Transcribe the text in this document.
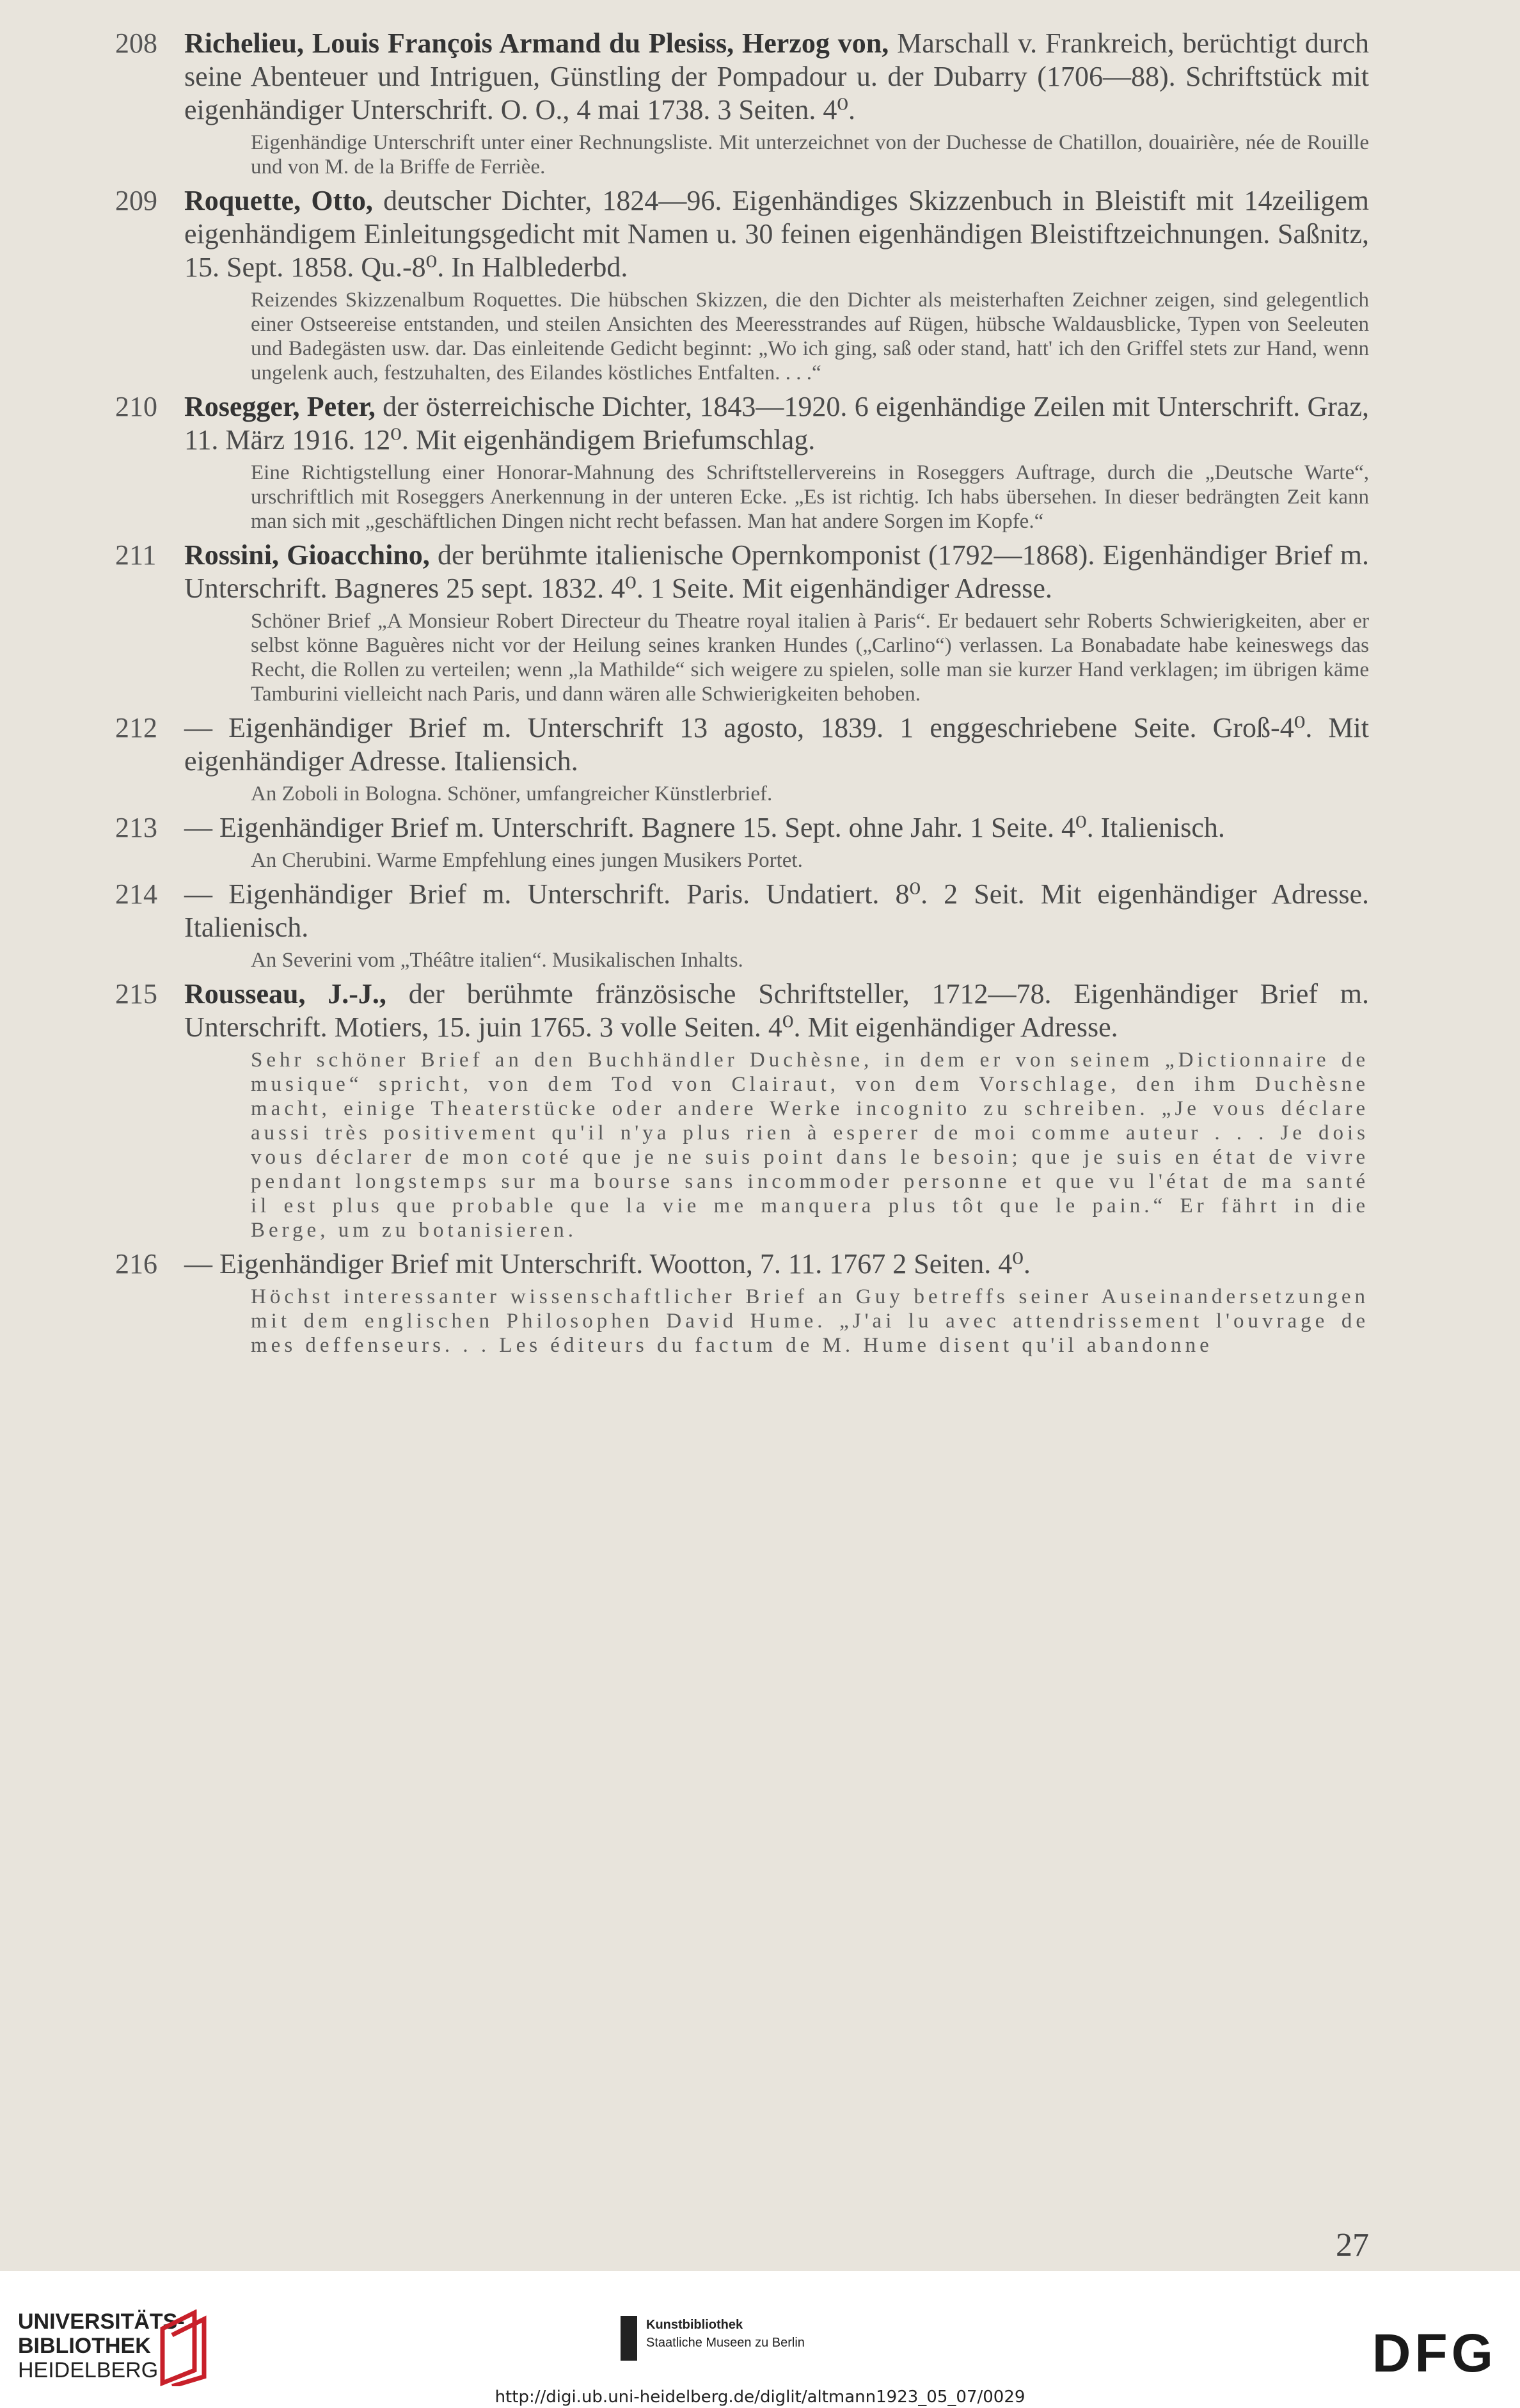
208 Richelieu, Louis François Armand du Plesiss, Herzog von, Marschall v. Frankreich, berüchtigt durch seine Abenteuer und Intriguen, Günstling der Pompadour u. der Dubarry (1706—88). Schriftstück mit eigenhändiger Unterschrift. O. O., 4 mai 1738. 3 Seiten. 4⁰.
Eigenhändige Unterschrift unter einer Rechnungsliste. Mit unterzeichnet von der Duchesse de Chatillon, douairière, née de Rouille und von M. de la Briffe de Ferrièe.
209 Roquette, Otto, deutscher Dichter, 1824—96. Eigenhändiges Skizzenbuch in Bleistift mit 14zeiligem eigenhändigem Einleitungsgedicht mit Namen u. 30 feinen eigenhändigen Bleistiftzeichnungen. Saßnitz, 15. Sept. 1858. Qu.-8⁰. In Halblederbd.
Reizendes Skizzenalbum Roquettes. Die hübschen Skizzen, die den Dichter als meisterhaften Zeichner zeigen, sind gelegentlich einer Ostseereise entstanden, und steilen Ansichten des Meeresstrandes auf Rügen, hübsche Waldausblicke, Typen von Seeleuten und Badegästen usw. dar. Das einleitende Gedicht beginnt: „Wo ich ging, saß oder stand, hatt' ich den Griffel stets zur Hand, wenn ungelenk auch, festzuhalten, des Eilandes köstliches Entfalten. . . .“
210 Rosegger, Peter, der österreichische Dichter, 1843—1920. 6 eigenhändige Zeilen mit Unterschrift. Graz, 11. März 1916. 12⁰. Mit eigenhändigem Briefumschlag.
Eine Richtigstellung einer Honorar-Mahnung des Schriftstellervereins in Roseggers Auftrage, durch die „Deutsche Warte“, urschriftlich mit Roseggers Anerkennung in der unteren Ecke. „Es ist richtig. Ich habs übersehen. In dieser bedrängten Zeit kann man sich mit „geschäftlichen Dingen nicht recht befassen. Man hat andere Sorgen im Kopfe.“
211 Rossini, Gioacchino, der berühmte italienische Opernkomponist (1792—1868). Eigenhändiger Brief m. Unterschrift. Bagneres 25 sept. 1832. 4⁰. 1 Seite. Mit eigenhändiger Adresse.
Schöner Brief „A Monsieur Robert Directeur du Theatre royal italien à Paris“. Er bedauert sehr Roberts Schwierigkeiten, aber er selbst könne Baguères nicht vor der Heilung seines kranken Hundes („Carlino“) verlassen. La Bonabadate habe keineswegs das Recht, die Rollen zu verteilen; wenn „la Mathilde“ sich weigere zu spielen, solle man sie kurzer Hand verklagen; im übrigen käme Tamburini vielleicht nach Paris, und dann wären alle Schwierigkeiten behoben.
212 — Eigenhändiger Brief m. Unterschrift 13 agosto, 1839. 1 enggeschriebene Seite. Groß-4⁰. Mit eigenhändiger Adresse. Italiensich.
An Zoboli in Bologna. Schöner, umfangreicher Künstlerbrief.
213 — Eigenhändiger Brief m. Unterschrift. Bagnere 15. Sept. ohne Jahr. 1 Seite. 4⁰. Italienisch.
An Cherubini. Warme Empfehlung eines jungen Musikers Portet.
214 — Eigenhändiger Brief m. Unterschrift. Paris. Undatiert. 8⁰. 2 Seit. Mit eigenhändiger Adresse. Italienisch.
An Severini vom „Théâtre italien“. Musikalischen Inhalts.
215 Rousseau, J.-J., der berühmte fränzösische Schriftsteller, 1712—78. Eigenhändiger Brief m. Unterschrift. Motiers, 15. juin 1765. 3 volle Seiten. 4⁰. Mit eigenhändiger Adresse.
Sehr schöner Brief an den Buchhändler Duchèsne, in dem er von seinem „Dictionnaire de musique“ spricht, von dem Tod von Clairaut, von dem Vorschlage, den ihm Duchèsne macht, einige Theaterstücke oder andere Werke incognito zu schreiben. „Je vous déclare aussi très positivement qu'il n'ya plus rien à esperer de moi comme auteur . . . Je dois vous déclarer de mon coté que je ne suis point dans le besoin; que je suis en état de vivre pendant longstemps sur ma bourse sans incommoder personne et que vu l'état de ma santé il est plus que probable que la vie me manquera plus tôt que le pain.“ Er fährt in die Berge, um zu botanisieren.
216 — Eigenhändiger Brief mit Unterschrift. Wootton, 7. 11. 1767 2 Seiten. 4⁰.
Höchst interessanter wissenschaftlicher Brief an Guy betreffs seiner Auseinandersetzungen mit dem englischen Philosophen David Hume. „J'ai lu avec attendrissement l'ouvrage de mes deffenseurs. . . Les éditeurs du factum de M. Hume disent qu'il abandonne
27
UNIVERSITÄTS-
BIBLIOTHEK
HEIDELBERG
Kunstbibliothek
Staatliche Museen zu Berlin	DFG
http://digi.ub.uni-heidelberg.de/diglit/altmann1923_05_07/0029
